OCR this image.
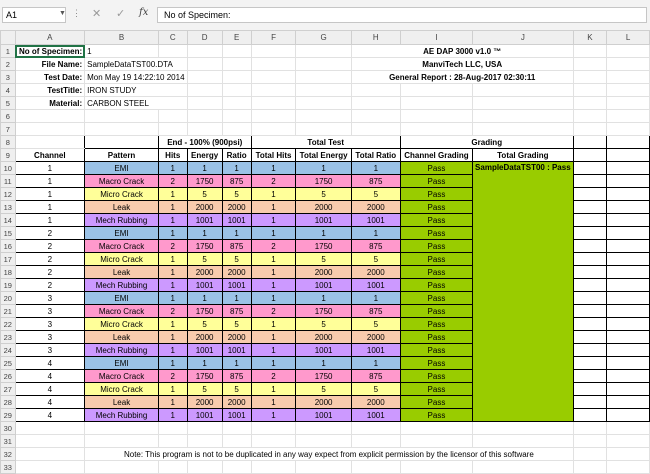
A1	▼ ⋮ ✕ ✓ fx	No of Specimen:
	A	B	C	D	E	F	G	H	I	J	K	L
1	No of Specimen:	1						AE DAP 3000 v1.0 ™				
2	File Name:	SampleDataTST00.DTA						ManviTech LLC, USA				
3	Test Date:	Mon May 19 14:22:10 2014						General Report : 28-Aug-2017 02:30:11				
4	TestTitle:	IRON STUDY										
5	Material:	CARBON STEEL										
6												
7												
8			End - 100% (900psi)			Total Test			Grading			
9	Channel	Pattern	Hits	Energy	Ratio	Total Hits	Total Energy	Total Ratio	Channel Grading	Total Grading		
10	1	EMI	1	1	1	1	1	1	Pass	SampleDataTST00 : Pass		
11	1	Macro Crack	2	1750	875	2	1750	875	Pass			
12	1	Micro Crack	1	5	5	1	5	5	Pass			
13	1	Leak	1	2000	2000	1	2000	2000	Pass			
14	1	Mech Rubbing	1	1001	1001	1	1001	1001	Pass			
15	2	EMI	1	1	1	1	1	1	Pass			
16	2	Macro Crack	2	1750	875	2	1750	875	Pass			
17	2	Micro Crack	1	5	5	1	5	5	Pass			
18	2	Leak	1	2000	2000	1	2000	2000	Pass			
19	2	Mech Rubbing	1	1001	1001	1	1001	1001	Pass			
20	3	EMI	1	1	1	1	1	1	Pass			
21	3	Macro Crack	2	1750	875	2	1750	875	Pass			
22	3	Micro Crack	1	5	5	1	5	5	Pass			
23	3	Leak	1	2000	2000	1	2000	2000	Pass			
24	3	Mech Rubbing	1	1001	1001	1	1001	1001	Pass			
25	4	EMI	1	1	1	1	1	1	Pass			
26	4	Macro Crack	2	1750	875	2	1750	875	Pass			
27	4	Micro Crack	1	5	5	1	5	5	Pass			
28	4	Leak	1	2000	2000	1	2000	2000	Pass			
29	4	Mech Rubbing	1	1001	1001	1	1001	1001	Pass			
30												
31												
32		Note: This program is not to be duplicated in any way expect from explicit permission by the licensor of this software										
33												
